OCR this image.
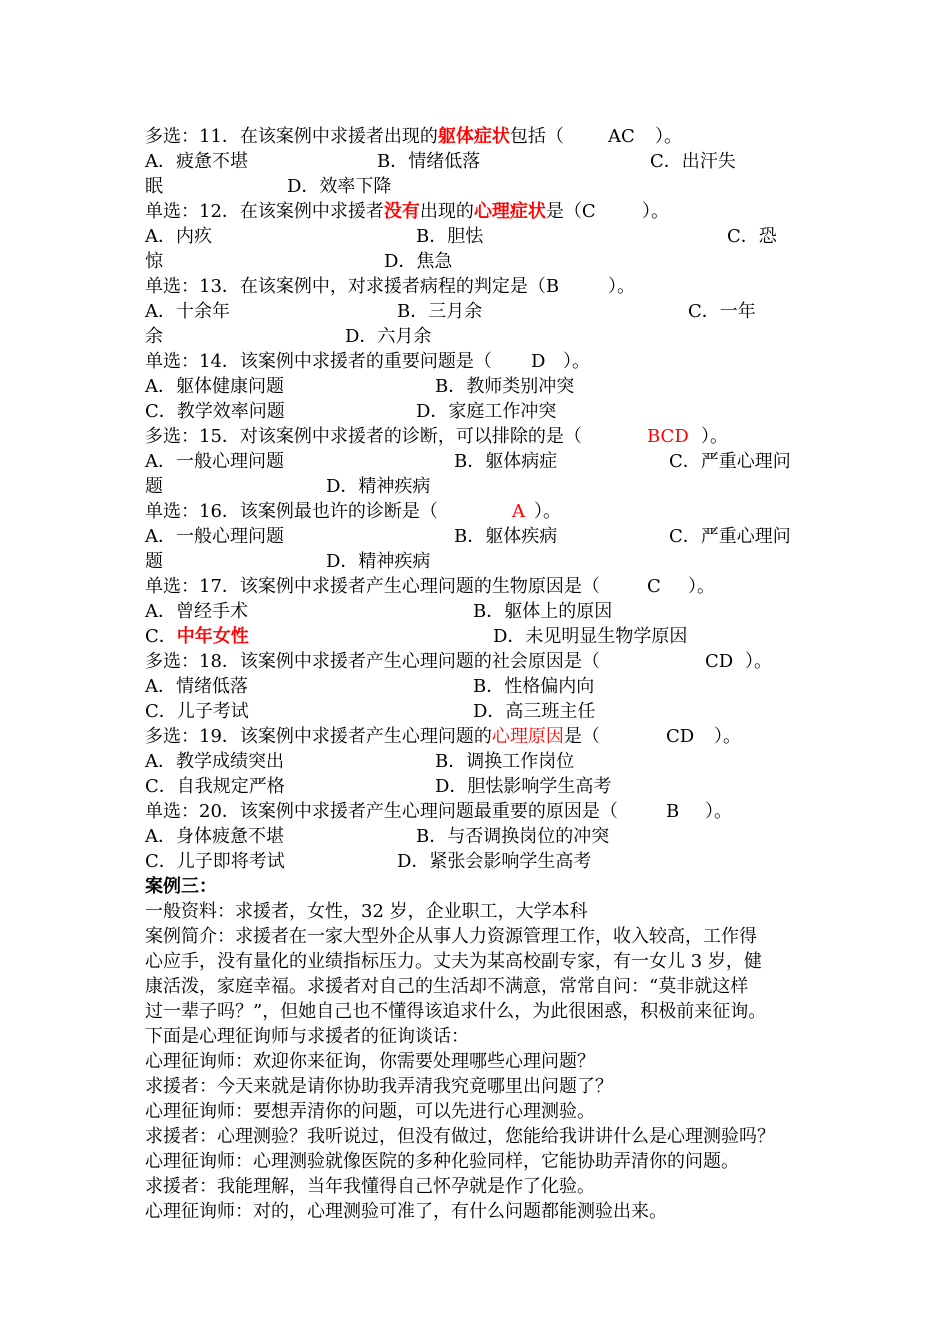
多选：11．在该案例中求援者出现的躯体症状包括（ AC ）。
A．疲惫不堪	B．情绪低落	C．出汗失
眠	D．效率下降
单选：12．在该案例中求援者没有出现的心理症状是（C	）。
A．内疚	B．胆怯	C．恐
惊	D．焦急
单选：13．在该案例中，对求援者病程的判定是（B	）。
A．十余年	B．三月余	C．一年
余	D．六月余
单选：14．该案例中求援者的重要问题是（ D ）。
A．躯体健康问题	B．教师类别冲突
C．教学效率问题	D．家庭工作冲突
多选：15．对该案例中求援者的诊断，可以排除的是（	BCD ）。
A．一般心理问题	B．躯体病症	C．严重心理问
题	D．精神疾病
单选：16．该案例最也许的诊断是（	A ）。
A．一般心理问题	B．躯体疾病	C．严重心理问
题	D．精神疾病
单选：17．该案例中求援者产生心理问题的生物原因是（	C ）。
A．曾经手术	B．躯体上的原因
C．中年女性	D．未见明显生物学原因
多选：18．该案例中求援者产生心理问题的社会原因是（	CD ）。
A．情绪低落	B．性格偏内向
C．儿子考试	D．高三班主任
多选：19．该案例中求援者产生心理问题的心理原因是（	CD ）。
A．教学成绩突出	B．调换工作岗位
C．自我规定严格	D．胆怯影响学生高考
单选：20．该案例中求援者产生心理问题最重要的原因是（	B ）。
A．身体疲惫不堪	B．与否调换岗位的冲突
C．儿子即将考试	D．紧张会影响学生高考
案例三：
一般资料：求援者，女性，32 岁，企业职工，大学本科
案例简介：求援者在一家大型外企从事人力资源管理工作，收入较高，工作得
心应手，没有量化的业绩指标压力。丈夫为某高校副专家，有一女儿 3 岁，健
康活泼，家庭幸福。求援者对自己的生活却不满意，常常自问：“莫非就这样
过一辈子吗？”，但她自己也不懂得该追求什么，为此很困惑，积极前来征询。
下面是心理征询师与求援者的征询谈话：
心理征询师：欢迎你来征询，你需要处理哪些心理问题？
求援者：今天来就是请你协助我弄清我究竟哪里出问题了？
心理征询师：要想弄清你的问题，可以先进行心理测验。
求援者：心理测验？我听说过，但没有做过，您能给我讲讲什么是心理测验吗？
心理征询师：心理测验就像医院的多种化验同样，它能协助弄清你的问题。
求援者：我能理解，当年我懂得自己怀孕就是作了化验。
心理征询师：对的，心理测验可准了，有什么问题都能测验出来。
